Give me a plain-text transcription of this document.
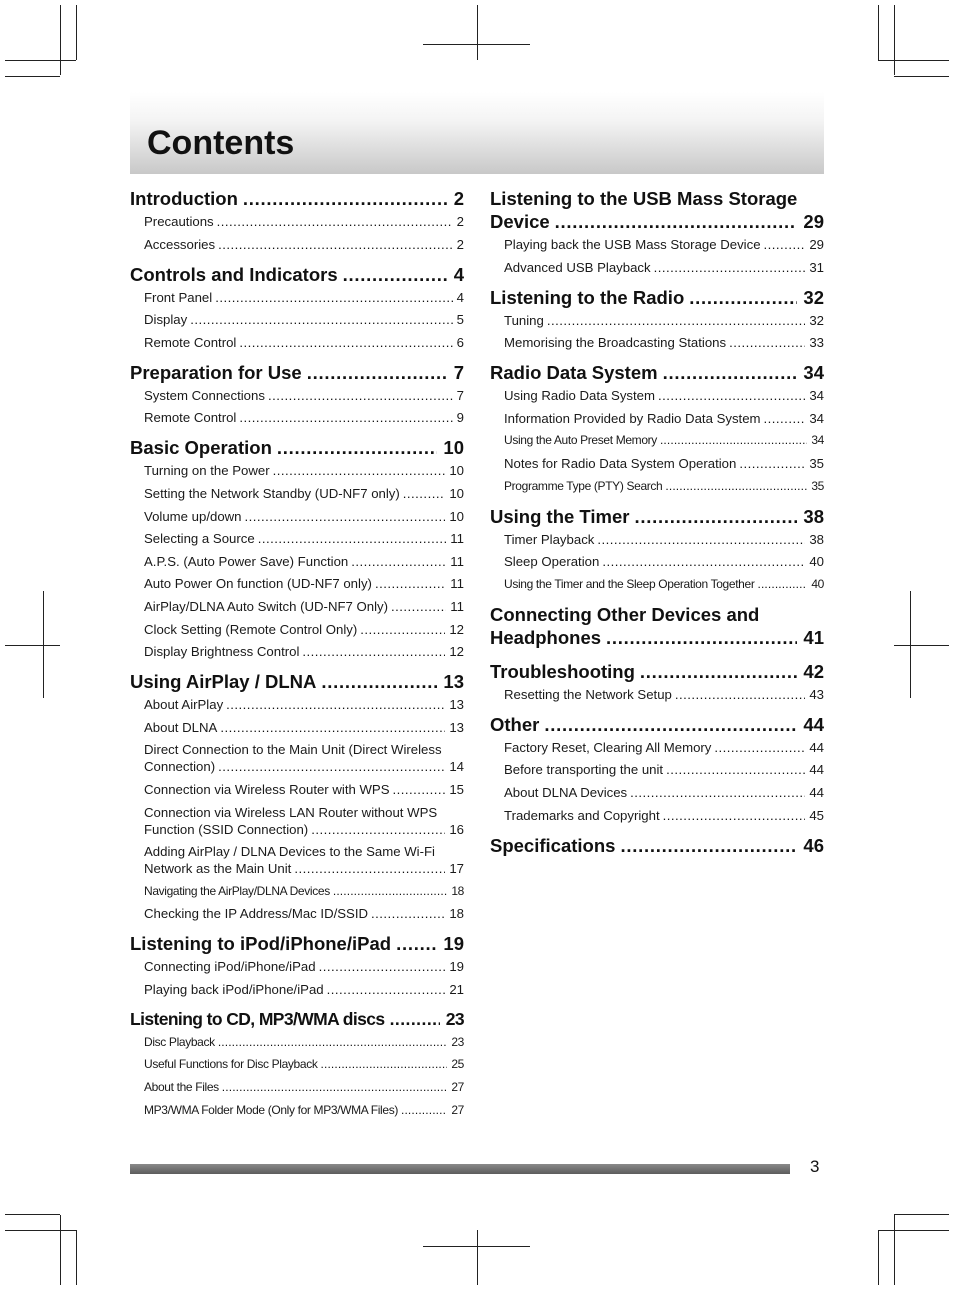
Contents
Introduction . . .	2
Precautions . . .	2
Accessories . . .	2
Controls and Indicators . . .	4
Front Panel . . .	4
Display . . .	5
Remote Control . . .	6
Preparation for Use . . .	7
System Connections . . .	7
Remote Control . . .	9
Basic Operation . . .	10
Turning on the Power . . .	10
Setting the Network Standby (UD-NF7 only) . . .	10
Volume up/down . . .	10
Selecting a Source . . .	11
A.P.S. (Auto Power Save) Function . . .	11
Auto Power On function (UD-NF7 only) . . .	11
AirPlay/DLNA Auto Switch (UD-NF7 Only) . . .	11
Clock Setting (Remote Control Only) . . .	12
Display Brightness Control . . .	12
Using AirPlay / DLNA . . .	13
About AirPlay . . .	13
About DLNA . . .	13
Direct Connection to the Main Unit (Direct Wireless
Connection) . . .	14
Connection via Wireless Router with WPS . . .	15
Connection via Wireless LAN Router without WPS
Function (SSID Connection) . . .	16
Adding AirPlay / DLNA Devices to the Same Wi-Fi
Network as the Main Unit . . .	17
Navigating the AirPlay/DLNA Devices . . .	18
Checking the IP Address/Mac ID/SSID . . .	18
Listening to iPod/iPhone/iPad . . .	19
Connecting iPod/iPhone/iPad . . .	19
Playing back iPod/iPhone/iPad . . .	21
Listening to CD, MP3/WMA discs . . .	23
Disc Playback . . .	23
Useful Functions for Disc Playback . . .	25
About the Files . . .	27
MP3/WMA Folder Mode (Only for MP3/WMA Files) . . .	27
Listening to the USB Mass Storage
Device . . .	29
Playing back the USB Mass Storage Device . . .	29
Advanced USB Playback . . .	31
Listening to the Radio . . .	32
Tuning . . .	32
Memorising the Broadcasting Stations . . .	33
Radio Data System . . .	34
Using Radio Data System . . .	34
Information Provided by Radio Data System . . .	34
Using the Auto Preset Memory . . .	34
Notes for Radio Data System Operation . . .	35
Programme Type (PTY) Search . . .	35
Using the Timer . . .	38
Timer Playback . . .	38
Sleep Operation . . .	40
Using the Timer and the Sleep Operation Together . . .	40
Connecting Other Devices and
Headphones . . .	41
Troubleshooting . . .	42
Resetting the Network Setup . . .	43
Other . . .	44
Factory Reset, Clearing All Memory . . .	44
Before transporting the unit . . .	44
About DLNA Devices . . .	44
Trademarks and Copyright . . .	45
Specifications . . .	46
3
